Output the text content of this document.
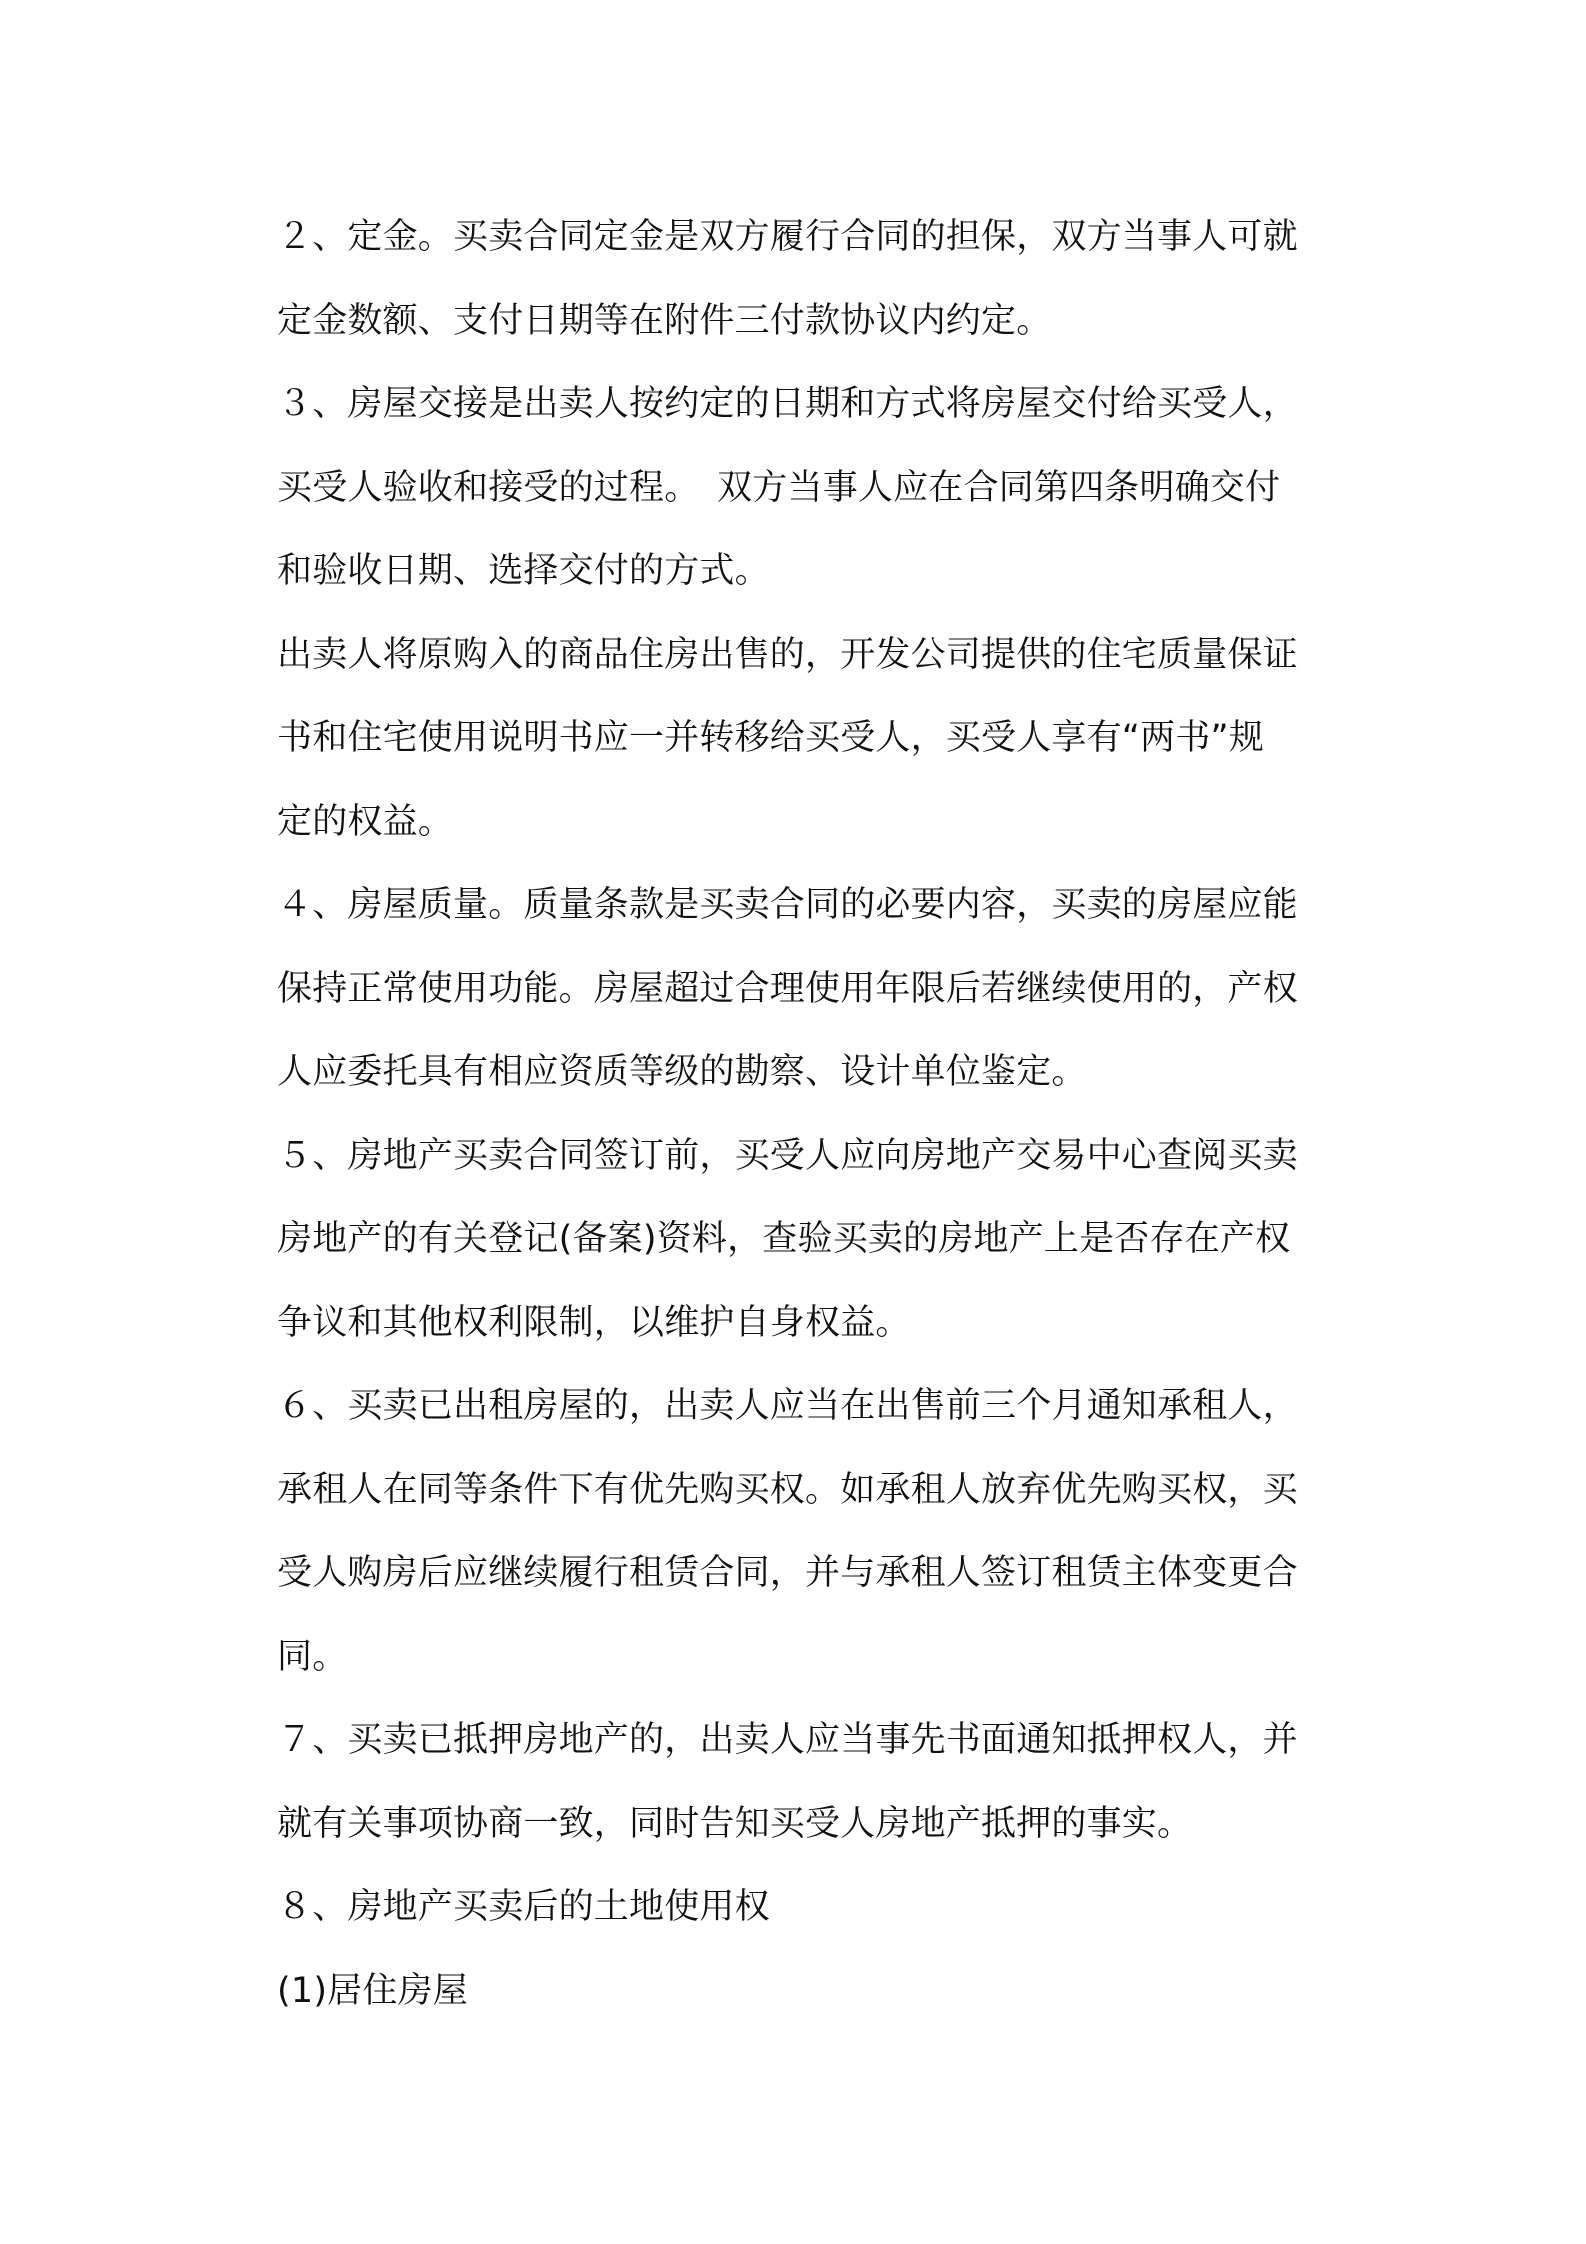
２、定金。买卖合同定金是双方履行合同的担保，双方当事人可就
定金数额、支付日期等在附件三付款协议内约定。
３、房屋交接是出卖人按约定的日期和方式将房屋交付给买受人，
买受人验收和接受的过程。　双方当事人应在合同第四条明确交付
和验收日期、选择交付的方式。
出卖人将原购入的商品住房出售的，开发公司提供的住宅质量保证
书和住宅使用说明书应一并转移给买受人，买受人享有“两书”规
定的权益。
４、房屋质量。质量条款是买卖合同的必要内容，买卖的房屋应能
保持正常使用功能。房屋超过合理使用年限后若继续使用的，产权
人应委托具有相应资质等级的勘察、设计单位鉴定。
５、房地产买卖合同签订前，买受人应向房地产交易中心查阅买卖
房地产的有关登记(备案)资料，查验买卖的房地产上是否存在产权
争议和其他权利限制，以维护自身权益。
６、买卖已出租房屋的，出卖人应当在出售前三个月通知承租人，
承租人在同等条件下有优先购买权。如承租人放弃优先购买权，买
受人购房后应继续履行租赁合同，并与承租人签订租赁主体变更合
同。
７、买卖已抵押房地产的，出卖人应当事先书面通知抵押权人，并
就有关事项协商一致，同时告知买受人房地产抵押的事实。
８、房地产买卖后的土地使用权
(1)居住房屋
